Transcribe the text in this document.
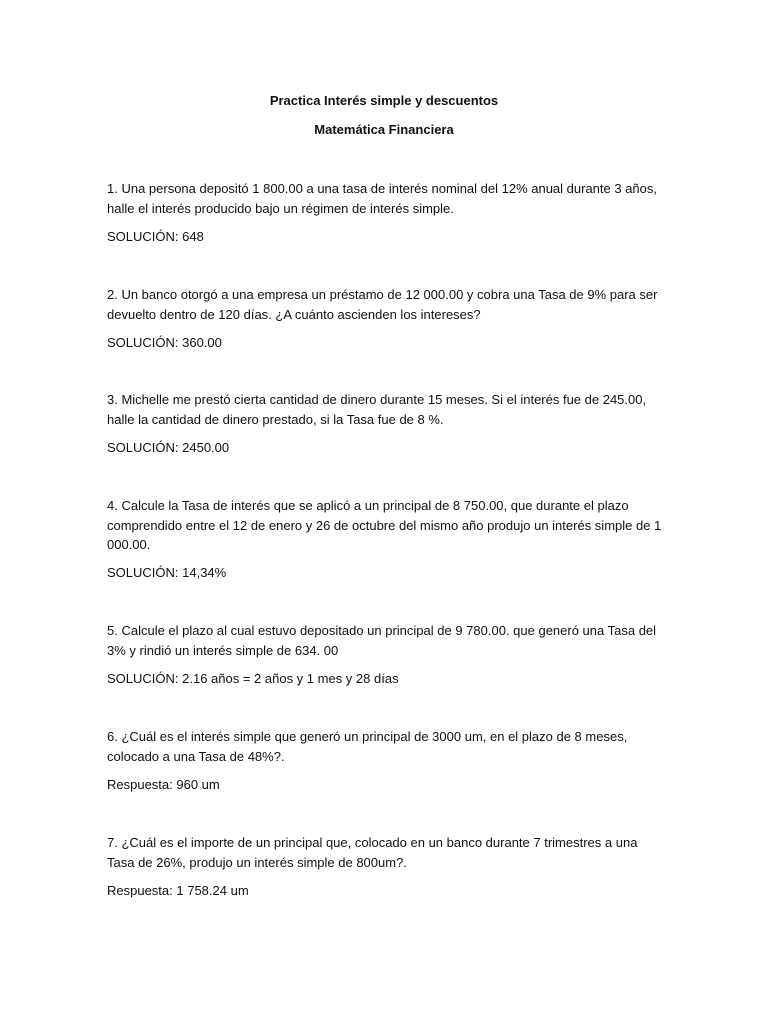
Practica Interés simple y descuentos
Matemática Financiera

1. Una persona depositó 1 800.00 a una tasa de interés nominal del 12% anual durante 3 años, halle el interés producido bajo un régimen de interés simple.

SOLUCIÓN: 648

2. Un banco otorgó a una empresa un préstamo de 12 000.00 y cobra una Tasa de 9% para ser devuelto dentro de 120 días. ¿A cuánto ascienden los intereses?

SOLUCIÓN: 360.00

3. Michelle me prestó cierta cantidad de dinero durante 15 meses. Si el interés fue de 245.00, halle la cantidad de dinero prestado, si la Tasa fue de 8 %.

SOLUCIÓN: 2450.00

4. Calcule la Tasa de interés que se aplicó a un principal de 8 750.00, que durante el plazo comprendido entre el 12 de enero y 26 de octubre del mismo año produjo un interés simple de 1 000.00.

SOLUCIÓN: 14,34%

5. Calcule el plazo al cual estuvo depositado un principal de 9 780.00. que generó una Tasa del 3% y rindió un interés simple de 634. 00

SOLUCIÓN: 2.16 años = 2 años y 1 mes y 28 días

6. ¿Cuál es el interés simple que generó un principal de 3000 um, en el plazo de 8 meses, colocado a una Tasa de 48%?.

Respuesta: 960 um

7. ¿Cuál es el importe de un principal que, colocado en un banco durante 7 trimestres a una Tasa de 26%, produjo un interés simple de 800um?.

Respuesta: 1 758.24 um
